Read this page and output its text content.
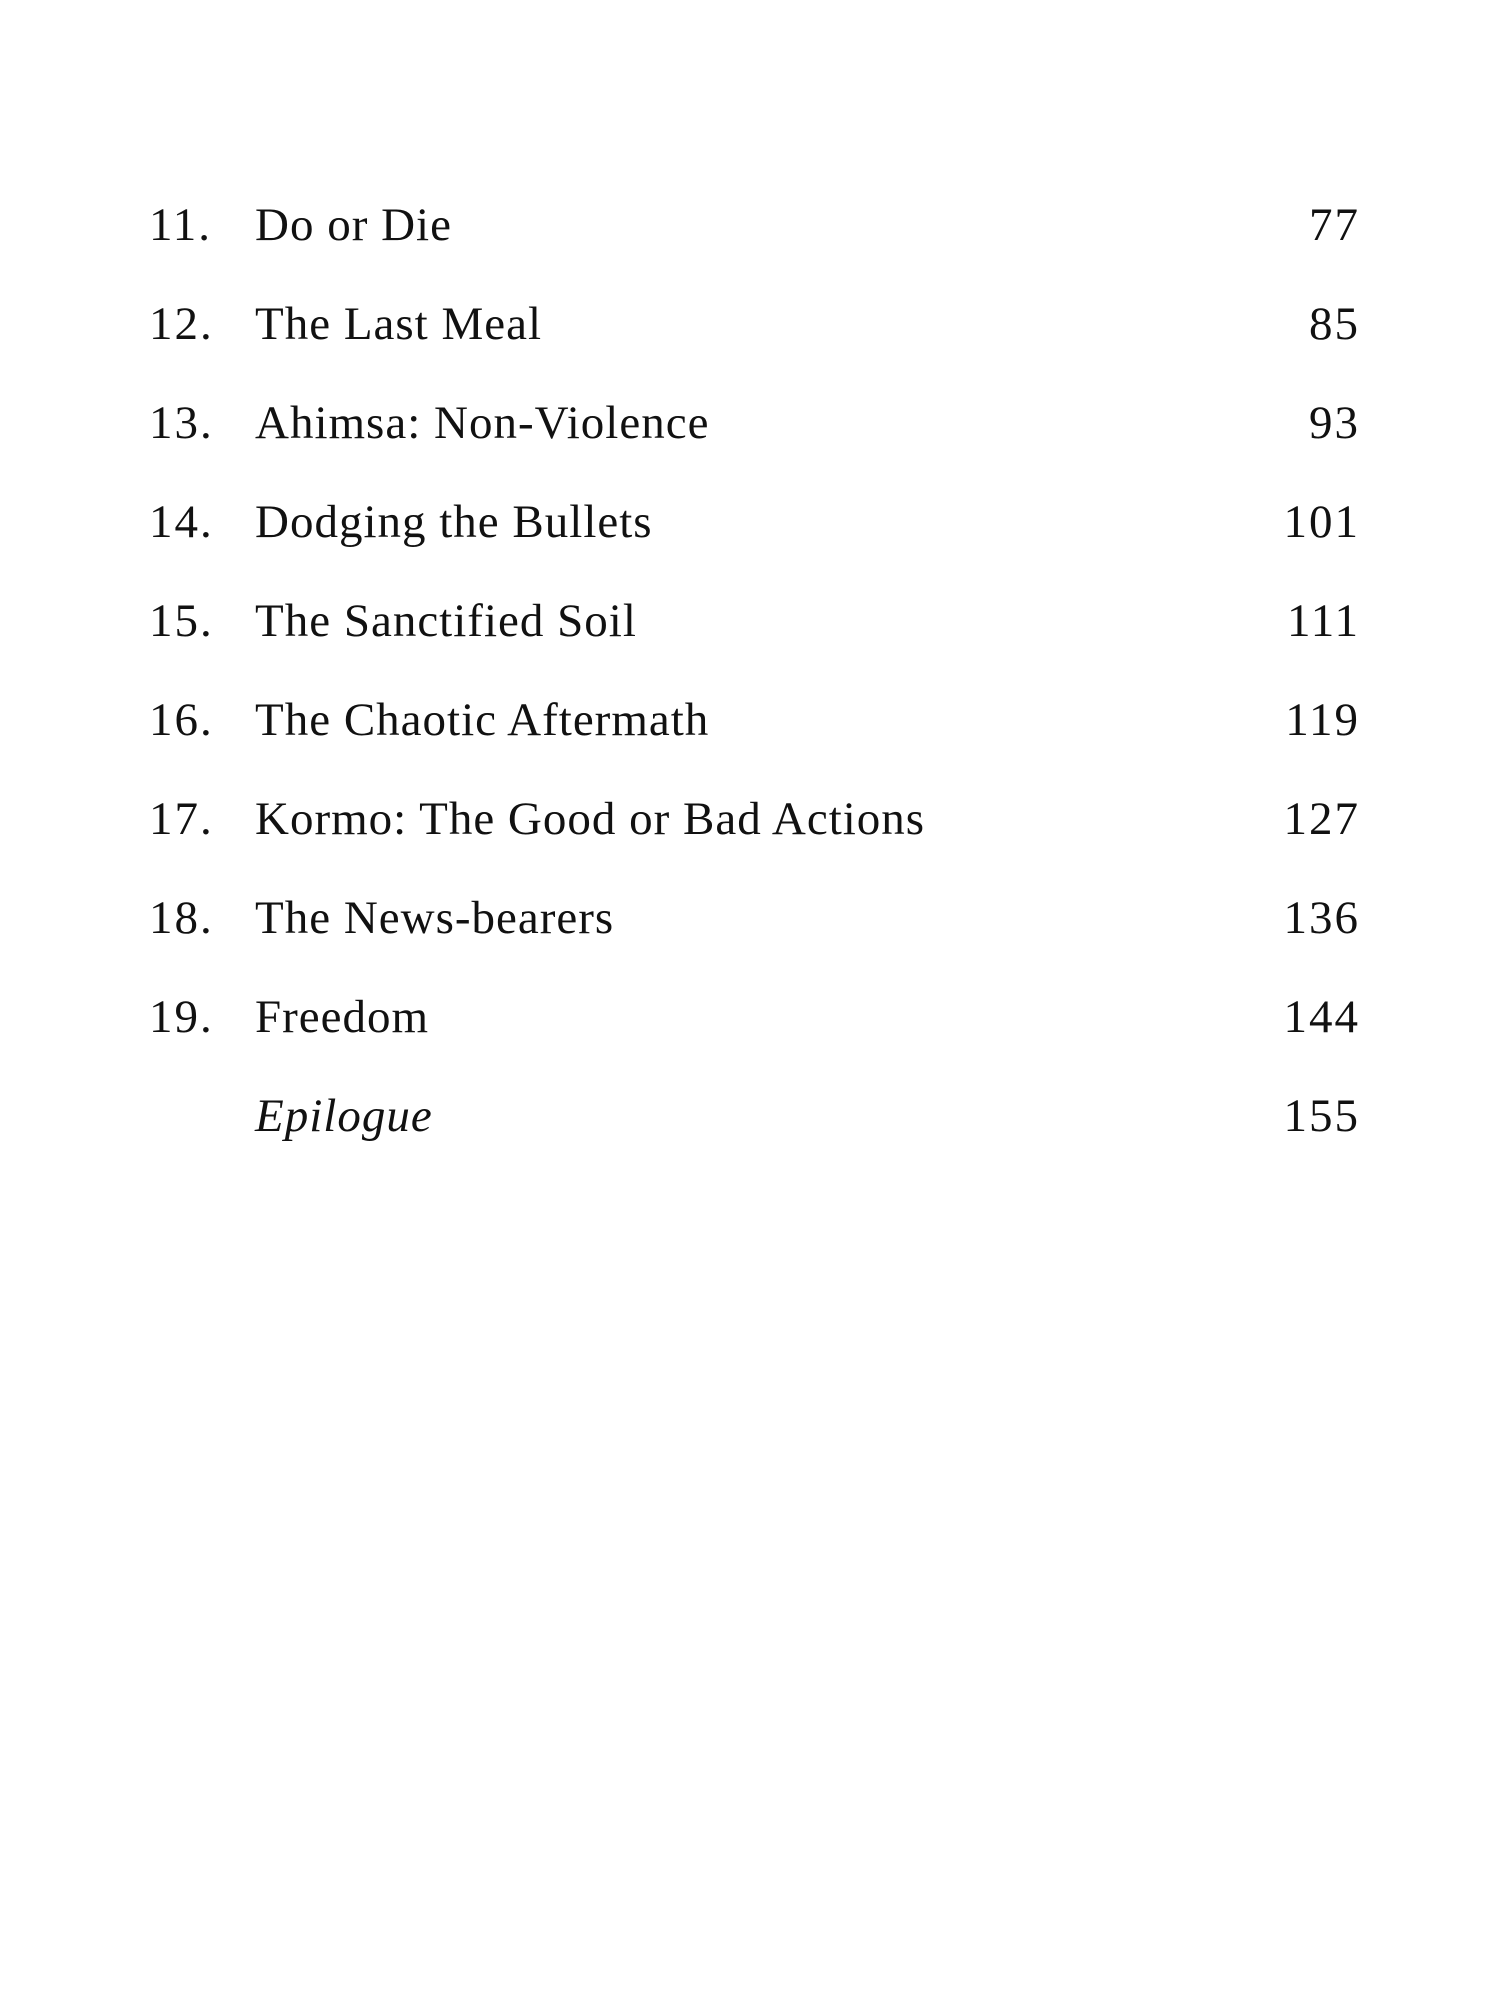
11. Do or Die	77
12. The Last Meal	85
13. Ahimsa: Non-Violence	93
14. Dodging the Bullets	101
15. The Sanctified Soil	111
16. The Chaotic Aftermath	119
17. Kormo: The Good or Bad Actions	127
18. The News-bearers	136
19. Freedom	144
Epilogue	155
